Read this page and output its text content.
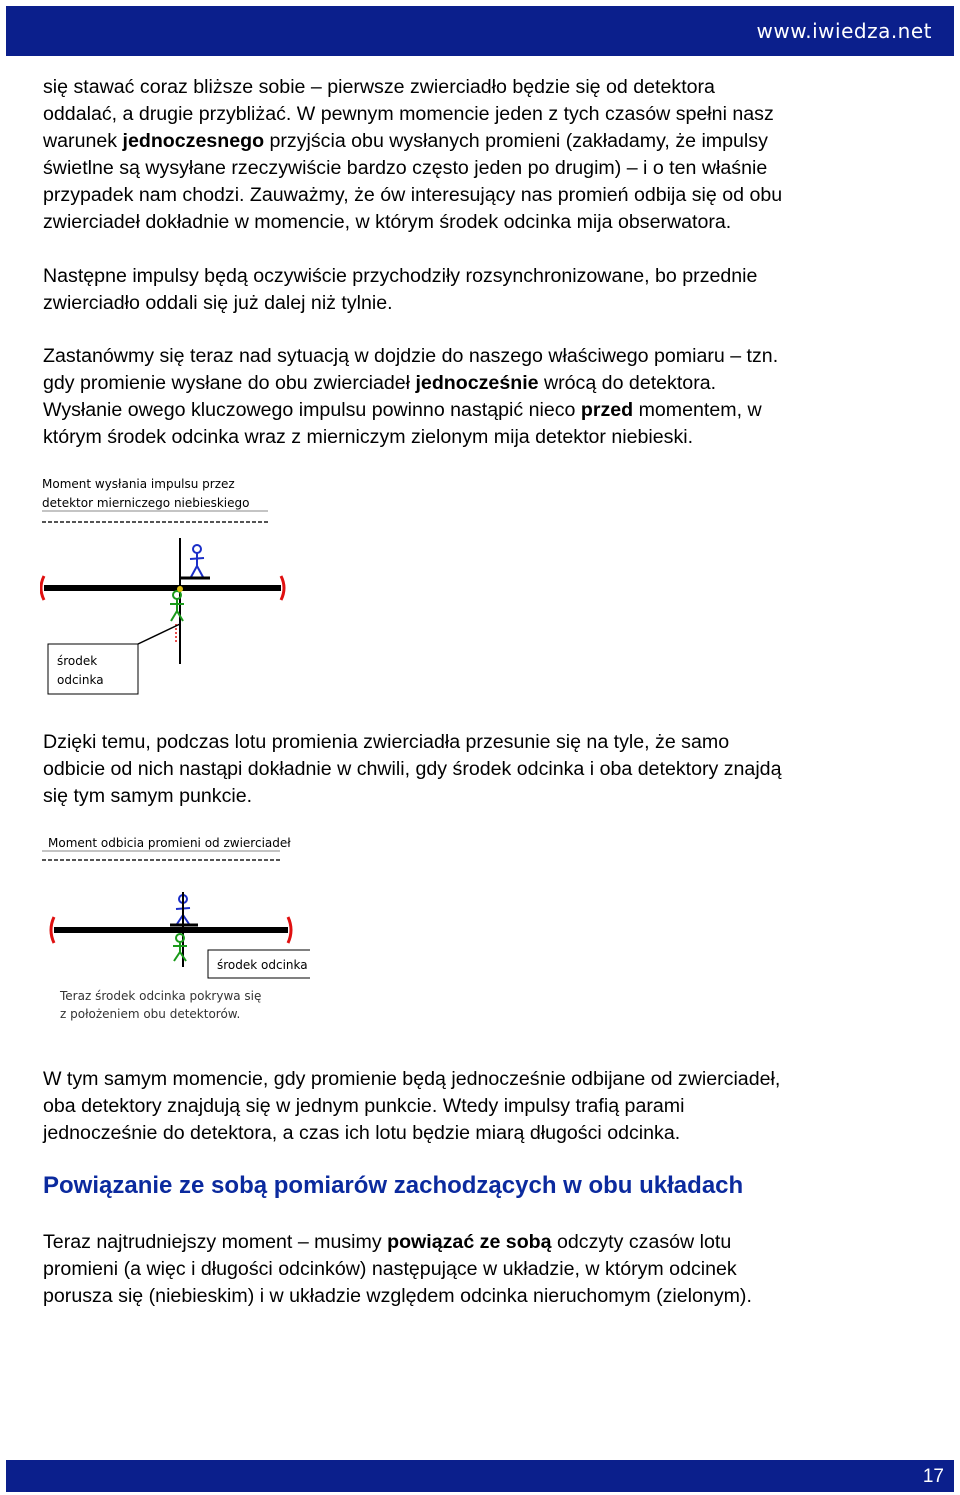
www.iwiedza.net
się stawać coraz bliższe sobie – pierwsze zwierciadło będzie się od detektora
oddalać, a drugie przybliżać. W pewnym momencie jeden z tych czasów spełni nasz
warunek jednoczesnego przyjścia obu wysłanych promieni (zakładamy, że impulsy
świetlne są wysyłane rzeczywiście bardzo często jeden po drugim) – i o ten właśnie
przypadek nam chodzi. Zauważmy, że ów interesujący nas promień odbija się od obu
zwierciadeł dokładnie w momencie, w którym środek odcinka mija obserwatora.
Następne impulsy będą oczywiście przychodziły rozsynchronizowane, bo przednie
zwierciadło oddali się już dalej niż tylnie.
Zastanówmy się teraz nad sytuacją w dojdzie do naszego właściwego pomiaru – tzn.
gdy promienie wysłane do obu zwierciadeł jednocześnie wrócą do detektora.
Wysłanie owego kluczowego impulsu powinno nastąpić nieco przed momentem, w
którym środek odcinka wraz z mierniczym zielonym mija detektor niebieski.
Moment wysłania impulsu przez
detektor mierniczego niebieskiego
środek
odcinka
Dzięki temu, podczas lotu promienia zwierciadła przesunie się na tyle, że samo
odbicie od nich nastąpi dokładnie w chwili, gdy środek odcinka i oba detektory znajdą
się tym samym punkcie.
Moment odbicia promieni od zwierciadeł
środek odcinka
Teraz środek odcinka pokrywa się
z położeniem obu detektorów.
W tym samym momencie, gdy promienie będą jednocześnie odbijane od zwierciadeł,
oba detektory znajdują się w jednym punkcie. Wtedy impulsy trafią parami
jednocześnie do detektora, a czas ich lotu będzie miarą długości odcinka.
Powiązanie ze sobą pomiarów zachodzących w obu układach
Teraz najtrudniejszy moment – musimy powiązać ze sobą odczyty czasów lotu
promieni (a więc i długości odcinków) następujące w układzie, w którym odcinek
porusza się (niebieskim) i w układzie względem odcinka nieruchomym (zielonym).
17
